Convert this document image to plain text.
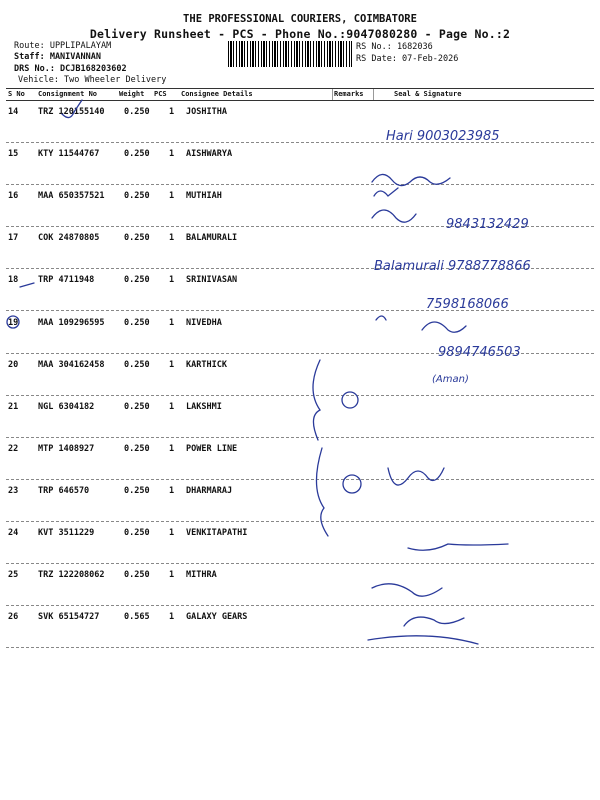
THE PROFESSIONAL COURIERS, COIMBATORE
Delivery Runsheet - PCS - Phone No.:9047080280 - Page No.:2
Route: UPPLIPALAYAM
Staff: MANIVANNAN
DRS No.: DCJB168203602
Vehicle: Two Wheeler Delivery
RS No.: 1682036
RS Date: 07-Feb-2026
S No Consignment No	Weight PCS Consignee Details	Remarks	Seal & Signature
14 TRZ 120155140 0.250 1 JOSHITHA
15 KTY 11544767	0.250 1 AISHWARYA
16 MAA 650357521 0.250 1 MUTHIAH
17 COK 24870805	0.250 1 BALAMURALI
18 TRP 4711948	0.250 1 SRINIVASAN
19 MAA 109296595 0.250 1 NIVEDHA
20 MAA 304162458 0.250 1 KARTHICK
21 NGL 6304182	0.250 1 LAKSHMI
22 MTP 1408927	0.250 1 POWER LINE
23 TRP 646570	0.250 1 DHARMARAJ
24 KVT 3511229	0.250 1 VENKITAPATHI
25 TRZ 122208062 0.250 1 MITHRA
26 SVK 65154727	0.565 1 GALAXY GEARS
Hari 9003023985
9843132429
Balamurali 9788778866
7598168066
9894746503
(Aman)
